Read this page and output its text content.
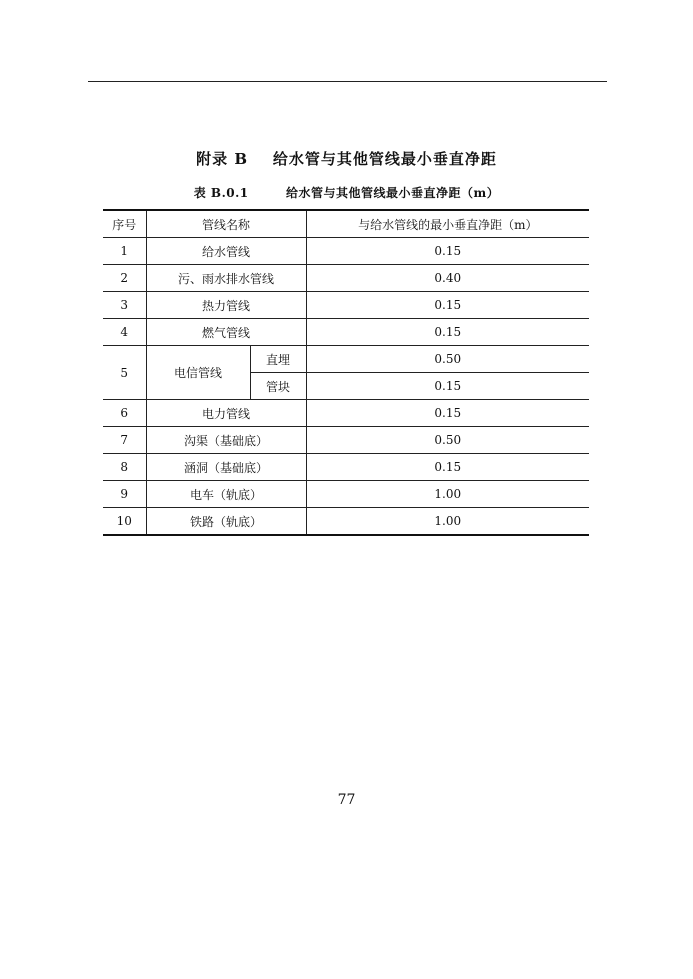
附录 B    给水管与其他管线最小垂直净距
表 B.0.1        给水管与其他管线最小垂直净距（m）
序号	管线名称		与给水管线的最小垂直净距（m）
1	给水管线		0.15
2	污、雨水排水管线		0.40
3	热力管线		0.15
4	燃气管线		0.15
5	电信管线	直埋	0.50
		管块	0.15
6	电力管线		0.15
7	沟渠（基础底）		0.50
8	涵洞（基础底）		0.15
9	电车（轨底）		1.00
10	铁路（轨底）		1.00
77
